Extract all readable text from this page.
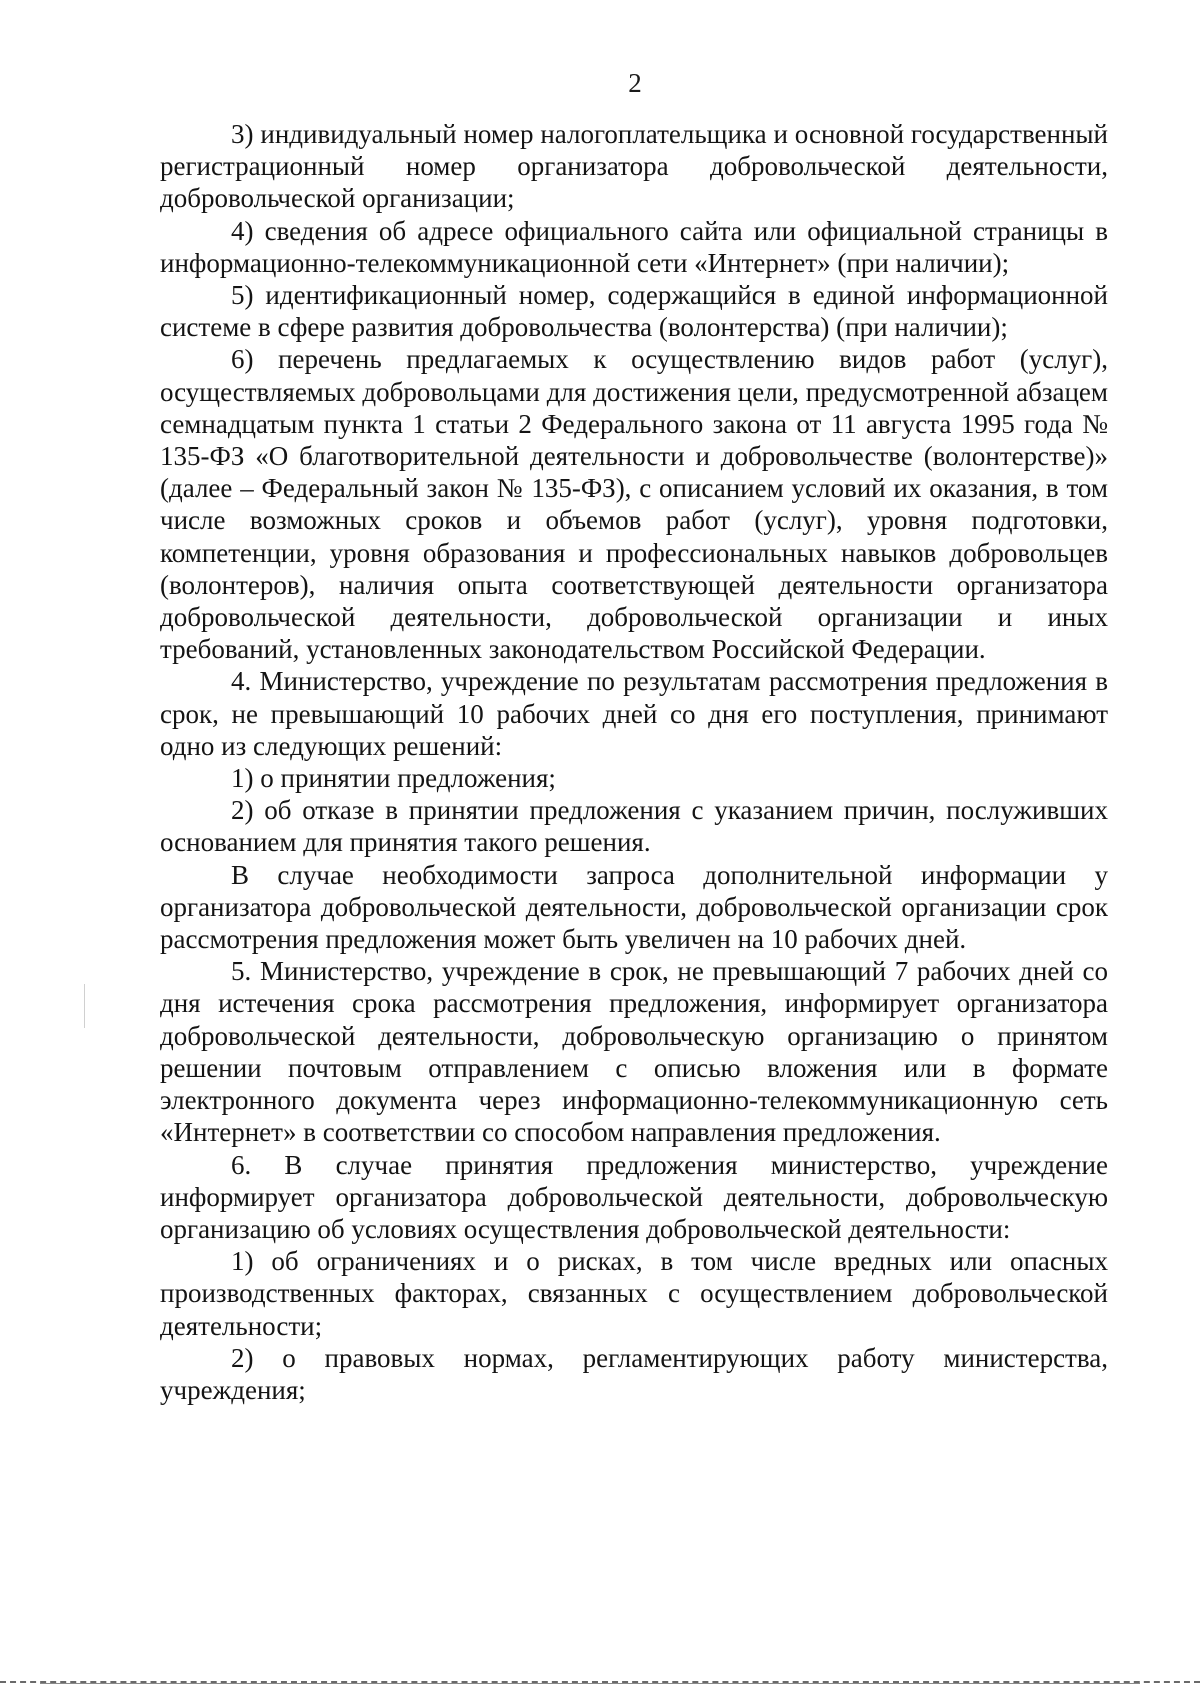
2

3) индивидуальный номер налогоплательщика и основной государственный регистрационный номер организатора добровольческой деятельности, добровольческой организации;

4) сведения об адресе официального сайта или официальной страницы в информационно-телекоммуникационной сети «Интернет» (при наличии);

5) идентификационный номер, содержащийся в единой информационной системе в сфере развития добровольчества (волонтерства) (при наличии);

6) перечень предлагаемых к осуществлению видов работ (услуг), осуществляемых добровольцами для достижения цели, предусмотренной абзацем семнадцатым пункта 1 статьи 2 Федерального закона от 11 августа 1995 года № 135-ФЗ «О благотворительной деятельности и добровольчестве (волонтерстве)» (далее – Федеральный закон № 135-ФЗ), с описанием условий их оказания, в том числе возможных сроков и объемов работ (услуг), уровня подготовки, компетенции, уровня образования и профессиональных навыков добровольцев (волонтеров), наличия опыта соответствующей деятельности организатора добровольческой деятельности, добровольческой организации и иных требований, установленных законодательством Российской Федерации.

4. Министерство, учреждение по результатам рассмотрения предложения в срок, не превышающий 10 рабочих дней со дня его поступления, принимают одно из следующих решений:

1) о принятии предложения;

2) об отказе в принятии предложения с указанием причин, послуживших основанием для принятия такого решения.

В случае необходимости запроса дополнительной информации у организатора добровольческой деятельности, добровольческой организации срок рассмотрения предложения может быть увеличен на 10 рабочих дней.

5. Министерство, учреждение в срок, не превышающий 7 рабочих дней со дня истечения срока рассмотрения предложения, информирует организатора добровольческой деятельности, добровольческую организацию о принятом решении почтовым отправлением с описью вложения или в формате электронного документа через информационно-телекоммуникационную сеть «Интернет» в соответствии со способом направления предложения.

6. В случае принятия предложения министерство, учреждение информирует организатора добровольческой деятельности, добровольческую организацию об условиях осуществления добровольческой деятельности:

1) об ограничениях и о рисках, в том числе вредных или опасных производственных факторах, связанных с осуществлением добровольческой деятельности;

2) о правовых нормах, регламентирующих работу министерства, учреждения;
